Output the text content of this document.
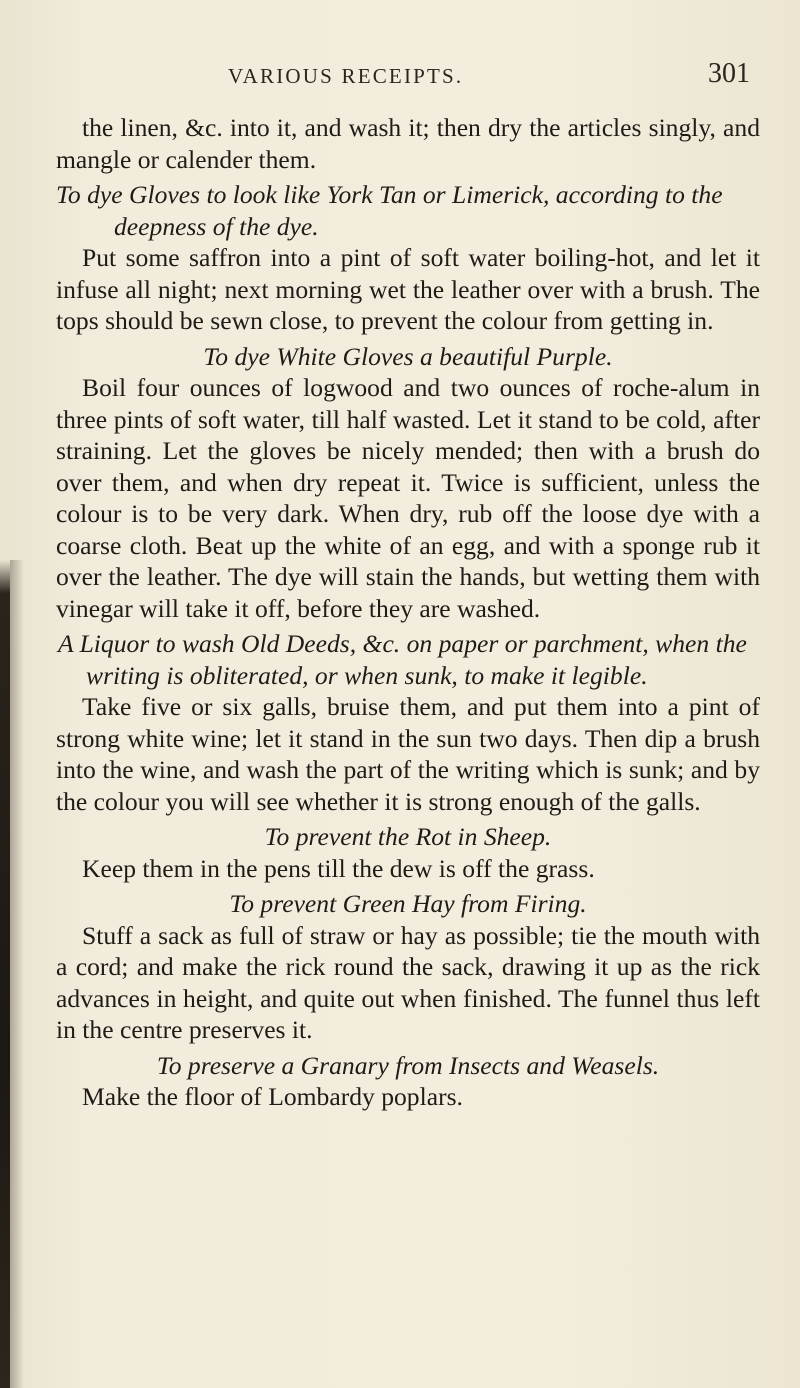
VARIOUS RECEIPTS.	301

the linen, &c. into it, and wash it; then dry the articles singly, and mangle or calender them.

To dye Gloves to look like York Tan or Limerick, according to the deepness of the dye.

Put some saffron into a pint of soft water boiling-hot, and let it infuse all night; next morning wet the leather over with a brush. The tops should be sewn close, to prevent the colour from getting in.

To dye White Gloves a beautiful Purple.

Boil four ounces of logwood and two ounces of roche-alum in three pints of soft water, till half wasted. Let it stand to be cold, after straining. Let the gloves be nicely mended; then with a brush do over them, and when dry repeat it. Twice is sufficient, unless the colour is to be very dark. When dry, rub off the loose dye with a coarse cloth. Beat up the white of an egg, and with a sponge rub it over the leather. The dye will stain the hands, but wetting them with vinegar will take it off, before they are washed.

A Liquor to wash Old Deeds, &c. on paper or parchment, when the writing is obliterated, or when sunk, to make it legible.

Take five or six galls, bruise them, and put them into a pint of strong white wine; let it stand in the sun two days. Then dip a brush into the wine, and wash the part of the writing which is sunk; and by the colour you will see whether it is strong enough of the galls.

To prevent the Rot in Sheep.

Keep them in the pens till the dew is off the grass.

To prevent Green Hay from Firing.

Stuff a sack as full of straw or hay as possible; tie the mouth with a cord; and make the rick round the sack, drawing it up as the rick advances in height, and quite out when finished. The funnel thus left in the centre preserves it.

To preserve a Granary from Insects and Weasels.

Make the floor of Lombardy poplars.
